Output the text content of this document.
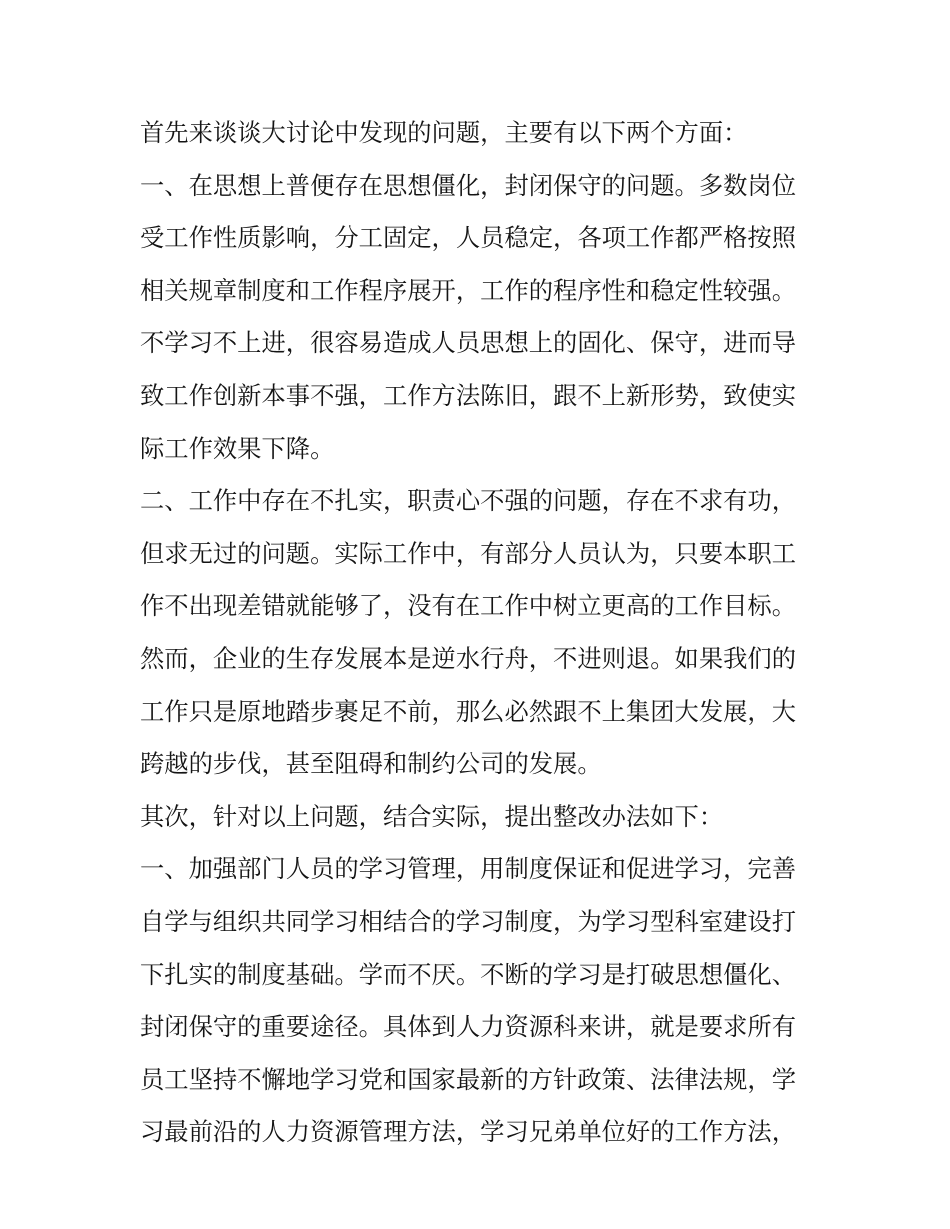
首先来谈谈大讨论中发现的问题，主要有以下两个方面：
一、在思想上普便存在思想僵化，封闭保守的问题。多数岗位
受工作性质影响，分工固定，人员稳定，各项工作都严格按照
相关规章制度和工作程序展开，工作的程序性和稳定性较强。
不学习不上进，很容易造成人员思想上的固化、保守，进而导
致工作创新本事不强，工作方法陈旧，跟不上新形势，致使实
际工作效果下降。
二、工作中存在不扎实，职责心不强的问题，存在不求有功，
但求无过的问题。实际工作中，有部分人员认为，只要本职工
作不出现差错就能够了，没有在工作中树立更高的工作目标。
然而，企业的生存发展本是逆水行舟，不进则退。如果我们的
工作只是原地踏步裹足不前，那么必然跟不上集团大发展，大
跨越的步伐，甚至阻碍和制约公司的发展。
其次，针对以上问题，结合实际，提出整改办法如下：
一、加强部门人员的学习管理，用制度保证和促进学习，完善
自学与组织共同学习相结合的学习制度，为学习型科室建设打
下扎实的制度基础。学而不厌。不断的学习是打破思想僵化、
封闭保守的重要途径。具体到人力资源科来讲，就是要求所有
员工坚持不懈地学习党和国家最新的方针政策、法律法规，学
习最前沿的人力资源管理方法，学习兄弟单位好的工作方法，
